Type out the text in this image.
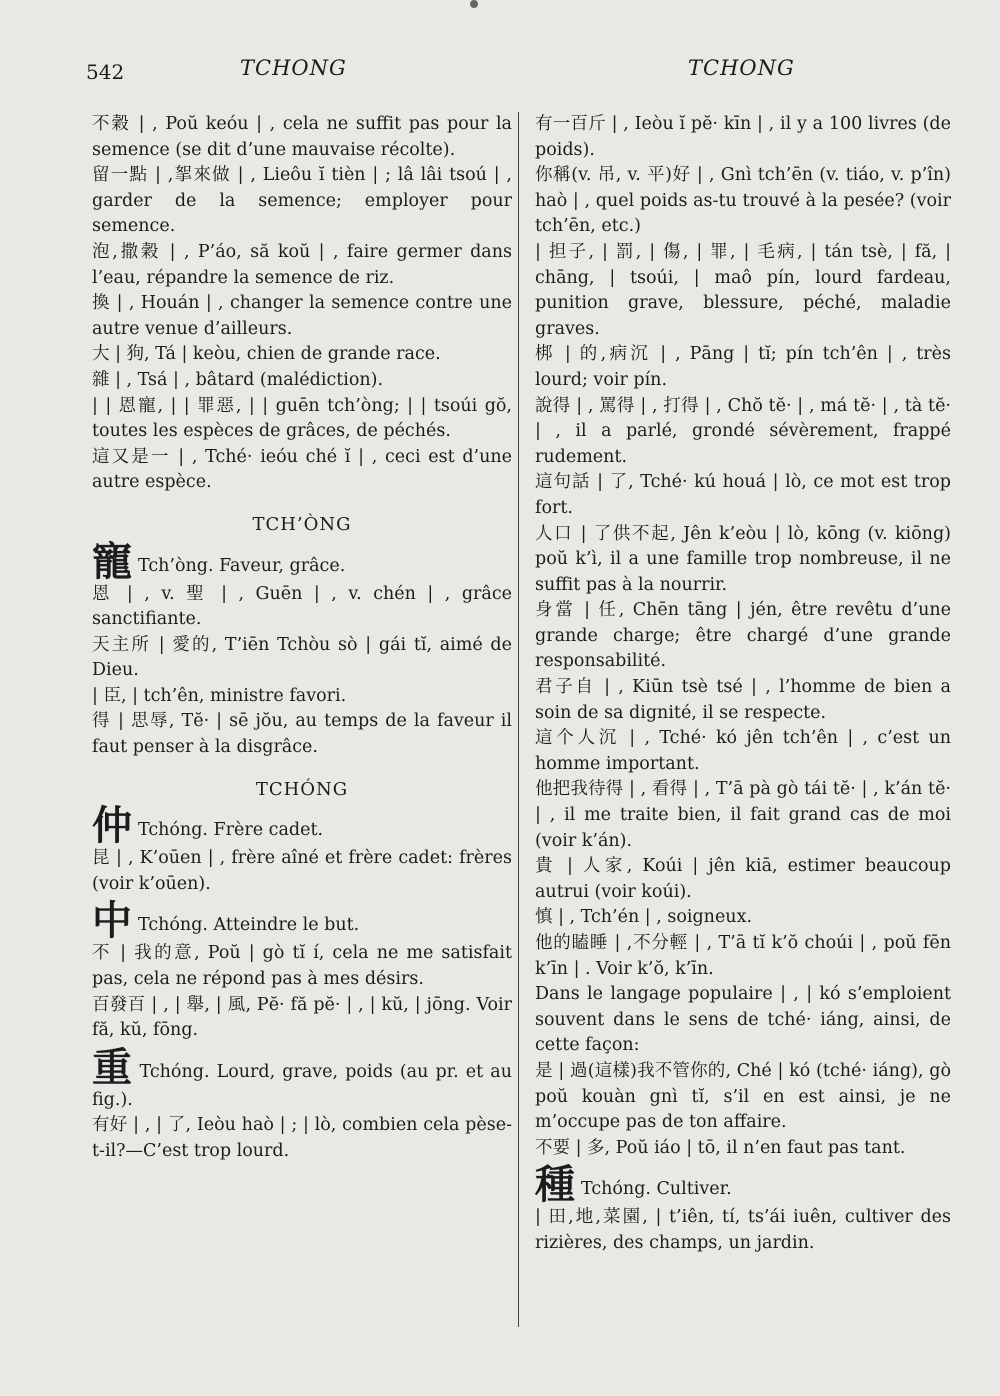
542	TCHONG	TCHONG
不穀 | , Poŭ keóu | , cela ne suffit pas pour la semence (se dit d’une mauvaise récolte).
留一點 | ,挐來做 | , Lieôu ĭ tièn | ; lâ lâi tsoú | , garder de la semence; employer pour semence.
泡,撒穀 | , P’áo, să koŭ | , faire germer dans l’eau, répandre la semence de riz.
換 | , Houán | , changer la semence contre une autre venue d’ailleurs.
大 | 狗, Tá | keòu, chien de grande race.
雜 | , Tsá | , bâtard (malédiction).
| | 恩寵, | | 罪惡, | | guēn tch’òng; | | tsoúi gŏ, toutes les espèces de grâces, de péchés.
這又是一 | , Tché· ieóu ché ĭ | , ceci est d’une autre espèce.
TCH’ÒNG
寵 Tch’òng. Faveur, grâce.
恩 | , v. 聖 | , Guēn | , v. chén | , grâce sanctifiante.
天主所 | 愛的, T’iēn Tchòu sò | gái tĭ, aimé de Dieu.
| 臣, | tch’ên, ministre favori.
得 | 思辱, Tĕ· | sē jŏu, au temps de la faveur il faut penser à la disgrâce.
TCHÓNG
仲 Tchóng. Frère cadet.
昆 | , K’oūen | , frère aîné et frère cadet: frères (voir k’oūen).
中 Tchóng. Atteindre le but.
不 | 我的意, Poŭ | gò tĭ í, cela ne me satisfait pas, cela ne répond pas à mes désirs.
百發百 | , | 舉, | 風, Pĕ· fă pĕ· | , | kŭ, | jōng. Voir fă, kŭ, fōng.
重 Tchóng. Lourd, grave, poids (au pr. et au fig.).
有好 | , | 了, Ieòu haò | ; | lò, combien cela pèse-t-il?—C’est trop lourd.
有一百斤 | , Ieòu ĭ pĕ· kīn | , il y a 100 livres (de poids).
你稱(v. 吊, v. 平)好 | , Gnì tch’ēn (v. tiáo, v. p’în) haò | , quel poids as-tu trouvé à la pesée? (voir tch’ēn, etc.)
| 担子, | 罰, | 傷, | 罪, | 毛病, | tán tsè, | fă, | chāng, | tsoúi, | maô pín, lourd fardeau, punition grave, blessure, péché, maladie graves.
梆 | 的,病沉 | , Pāng | tĭ; pín tch’ên | , très lourd; voir pín.
說得 | , 罵得 | , 打得 | , Chŏ tĕ· | , má tĕ· | , tà tĕ· | , il a parlé, grondé sévèrement, frappé rudement.
這句話 | 了, Tché· kú houá | lò, ce mot est trop fort.
人口 | 了供不起, Jên k’eòu | lò, kōng (v. kiōng) poŭ k’ì, il a une famille trop nombreuse, il ne suffit pas à la nourrir.
身當 | 任, Chēn tāng | jén, être revêtu d’une grande charge; être chargé d’une grande responsabilité.
君子自 | , Kiūn tsè tsé | , l’homme de bien a soin de sa dignité, il se respecte.
這个人沉 | , Tché· kó jên tch’ên | , c’est un homme important.
他把我待得 | , 看得 | , T’ā pà gò tái tĕ· | , k’án tĕ· | , il me traite bien, il fait grand cas de moi (voir k’án).
貴 | 人家, Koúi | jên kiā, estimer beaucoup autrui (voir koúi).
慎 | , Tch’én | , soigneux.
他的瞌睡 | ,不分輕 | , T’ā tĭ k’ŏ choúi | , poŭ fēn k’īn | . Voir k’ŏ, k’īn.
Dans le langage populaire | , | kó s’emploient souvent dans le sens de tché· iáng, ainsi, de cette façon:
是 | 過(這樣)我不管你的, Ché | kó (tché· iáng), gò poŭ kouàn gnì tĭ, s’il en est ainsi, je ne m’occupe pas de ton affaire.
不要 | 多, Poŭ iáo | tō, il n’en faut pas tant.
種 Tchóng. Cultiver.
| 田,地,菜園, | t’iên, tí, ts’ái iuên, cultiver des rizières, des champs, un jardin.
